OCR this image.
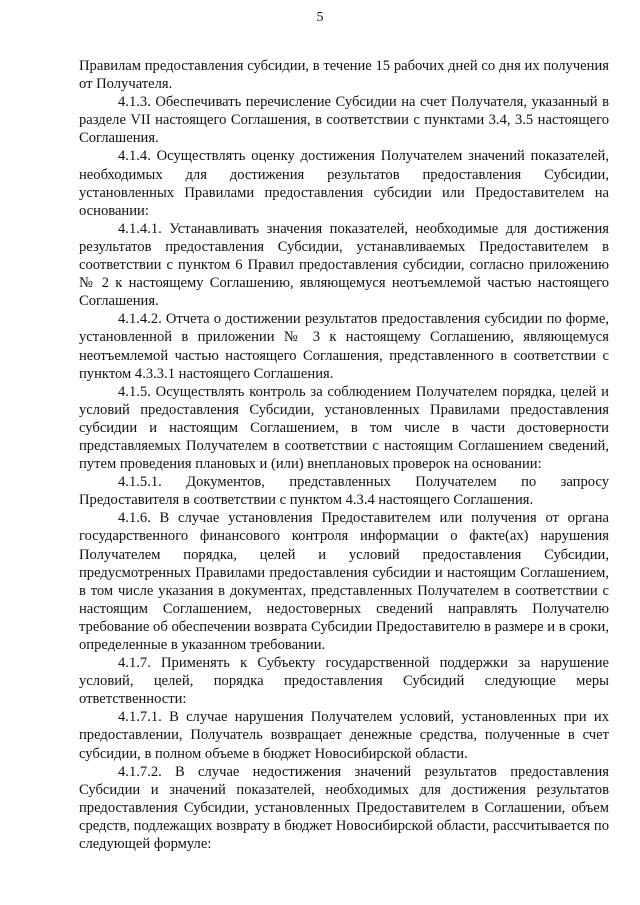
5

Правилам предоставления субсидии, в течение 15 рабочих дней со дня их получения от Получателя.

4.1.3. Обеспечивать перечисление Субсидии на счет Получателя, указанный в разделе VII настоящего Соглашения, в соответствии с пунктами 3.4, 3.5 настоящего Соглашения.

4.1.4. Осуществлять оценку достижения Получателем значений показателей, необходимых для достижения результатов предоставления Субсидии, установленных Правилами предоставления субсидии или Предоставителем на основании:

4.1.4.1. Устанавливать значения показателей, необходимые для достижения результатов предоставления Субсидии, устанавливаемых Предоставителем в соответствии с пунктом 6 Правил предоставления субсидии, согласно приложению № 2 к настоящему Соглашению, являющемуся неотъемлемой частью настоящего Соглашения.

4.1.4.2. Отчета о достижении результатов предоставления субсидии по форме, установленной в приложении № 3 к настоящему Соглашению, являющемуся неотъемлемой частью настоящего Соглашения, представленного в соответствии с пунктом 4.3.3.1 настоящего Соглашения.

4.1.5. Осуществлять контроль за соблюдением Получателем порядка, целей и условий предоставления Субсидии, установленных Правилами предоставления субсидии и настоящим Соглашением, в том числе в части достоверности представляемых Получателем в соответствии с настоящим Соглашением сведений, путем проведения плановых и (или) внеплановых проверок на основании:

4.1.5.1. Документов, представленных Получателем по запросу Предоставителя в соответствии с пунктом 4.3.4 настоящего Соглашения.

4.1.6. В случае установления Предоставителем или получения от органа государственного финансового контроля информации о факте(ах) нарушения Получателем порядка, целей и условий предоставления Субсидии, предусмотренных Правилами предоставления субсидии и настоящим Соглашением, в том числе указания в документах, представленных Получателем в соответствии с настоящим Соглашением, недостоверных сведений направлять Получателю требование об обеспечении возврата Субсидии Предоставителю в размере и в сроки, определенные в указанном требовании.

4.1.7. Применять к Субъекту государственной поддержки за нарушение условий, целей, порядка предоставления Субсидий следующие меры ответственности:

4.1.7.1. В случае нарушения Получателем условий, установленных при их предоставлении, Получатель возвращает денежные средства, полученные в счет субсидии, в полном объеме в бюджет Новосибирской области.

4.1.7.2. В случае недостижения значений результатов предоставления Субсидии и значений показателей, необходимых для достижения результатов предоставления Субсидии, установленных Предоставителем в Соглашении, объем средств, подлежащих возврату в бюджет Новосибирской области, рассчитывается по следующей формуле:
